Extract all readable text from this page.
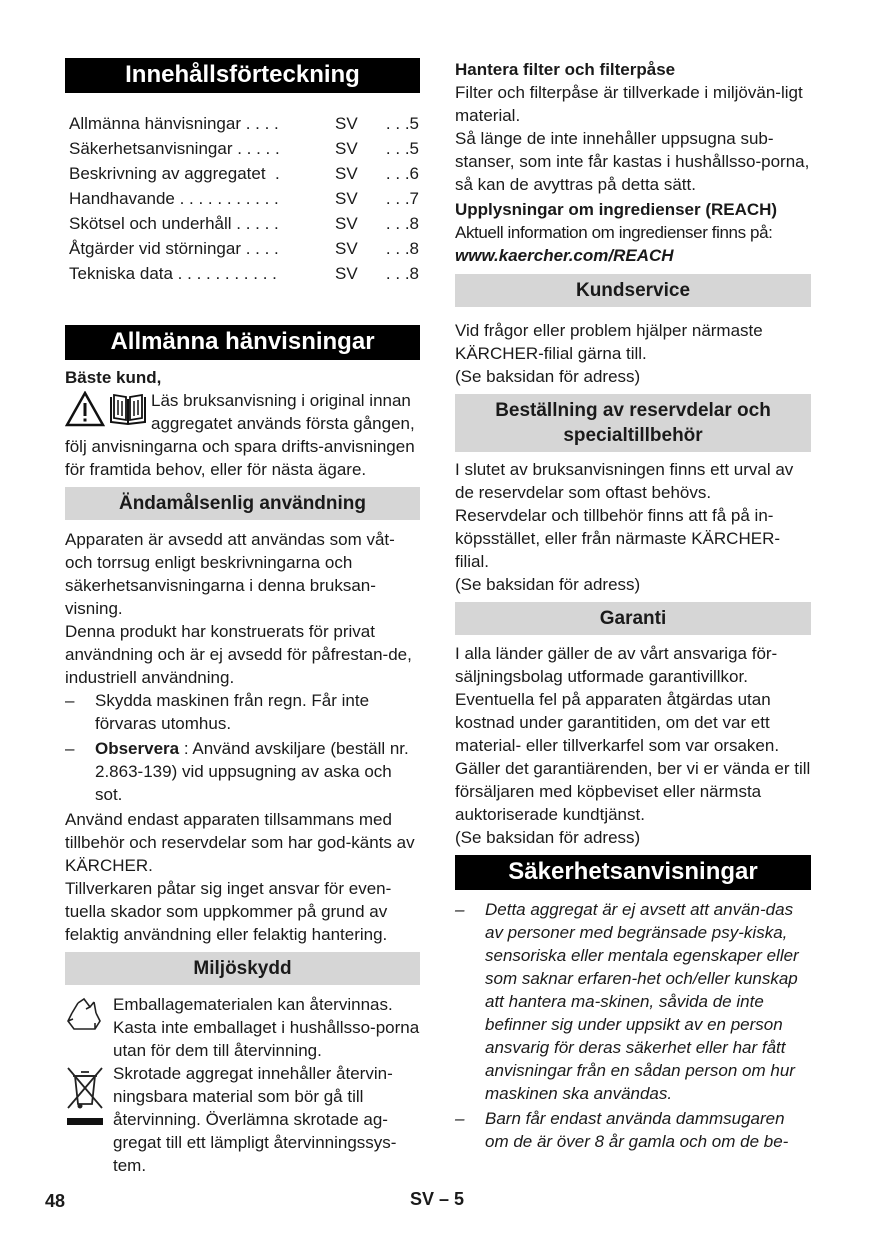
Innehållsförteckning
Allmänna hänvisningar . . . .	SV	. . .5
Säkerhetsanvisningar . . . . .	SV	. . .5
Beskrivning av aggregatet  .	SV	. . .6
Handhavande . . . . . . . . . . .	SV	. . .7
Skötsel och underhåll . . . . .	SV	. . .8
Åtgärder vid störningar . . . .	SV	. . .8
Tekniska data . . . . . . . . . . .	SV	. . .8
Allmänna hänvisningar

Bäste kund,

Läs bruksanvisning i original innan aggregatet används första gången, följ anvisningarna och spara drifts-anvisningen för framtida behov, eller för nästa ägare.

Ändamålsenlig användning

Apparaten är avsedd att användas som våt- och torrsug enligt beskrivningarna och säkerhetsanvisningarna i denna bruksan-visning.

Denna produkt har konstruerats för privat användning och är ej avsedd för påfrestan-de, industriell användning.

– Skydda maskinen från regn. Får inte förvaras utomhus.

– Observera : Använd avskiljare (beställ nr. 2.863-139) vid uppsugning av aska och sot.

Använd endast apparaten tillsammans med tillbehör och reservdelar som har god-känts av KÄRCHER.

Tillverkaren påtar sig inget ansvar för even-tuella skador som uppkommer på grund av felaktig användning eller felaktig hantering.

Miljöskydd

Emballagematerialen kan återvinnas. Kasta inte emballaget i hushållsso-porna utan för dem till återvinning.

Skrotade aggregat innehåller återvin-ningsbara material som bör gå till återvinning. Överlämna skrotade ag-gregat till ett lämpligt återvinningssys-tem.

Hantera filter och filterpåse

Filter och filterpåse är tillverkade i miljövän-ligt material.

Så länge de inte innehåller uppsugna sub-stanser, som inte får kastas i hushållsso-porna, så kan de avyttras på detta sätt.

Upplysningar om ingredienser (REACH)

Aktuell information om ingredienser finns på:

www.kaercher.com/REACH

Kundservice

Vid frågor eller problem hjälper närmaste KÄRCHER-filial gärna till.

(Se baksidan för adress)

Beställning av reservdelar och specialtillbehör

I slutet av bruksanvisningen finns ett urval av de reservdelar som oftast behövs.

Reservdelar och tillbehör finns att få på in-köpsstället, eller från närmaste KÄRCHER-filial.

(Se baksidan för adress)

Garanti

I alla länder gäller de av vårt ansvariga för-säljningsbolag utformade garantivillkor. Eventuella fel på apparaten åtgärdas utan kostnad under garantitiden, om det var ett material- eller tillverkarfel som var orsaken. Gäller det garantiärenden, ber vi er vända er till försäljaren med köpbeviset eller närmsta auktoriserade kundtjänst.

(Se baksidan för adress)

Säkerhetsanvisningar

– Detta aggregat är ej avsett att använ-das av personer med begränsade psy-kiska, sensoriska eller mentala egenskaper eller som saknar erfaren-het och/eller kunskap att hantera ma-skinen, såvida de inte befinner sig under uppsikt av en person ansvarig för deras säkerhet eller har fått anvisningar från en sådan person om hur maskinen ska användas.

– Barn får endast använda dammsugaren om de är över 8 år gamla och om de be-

48	SV – 5
